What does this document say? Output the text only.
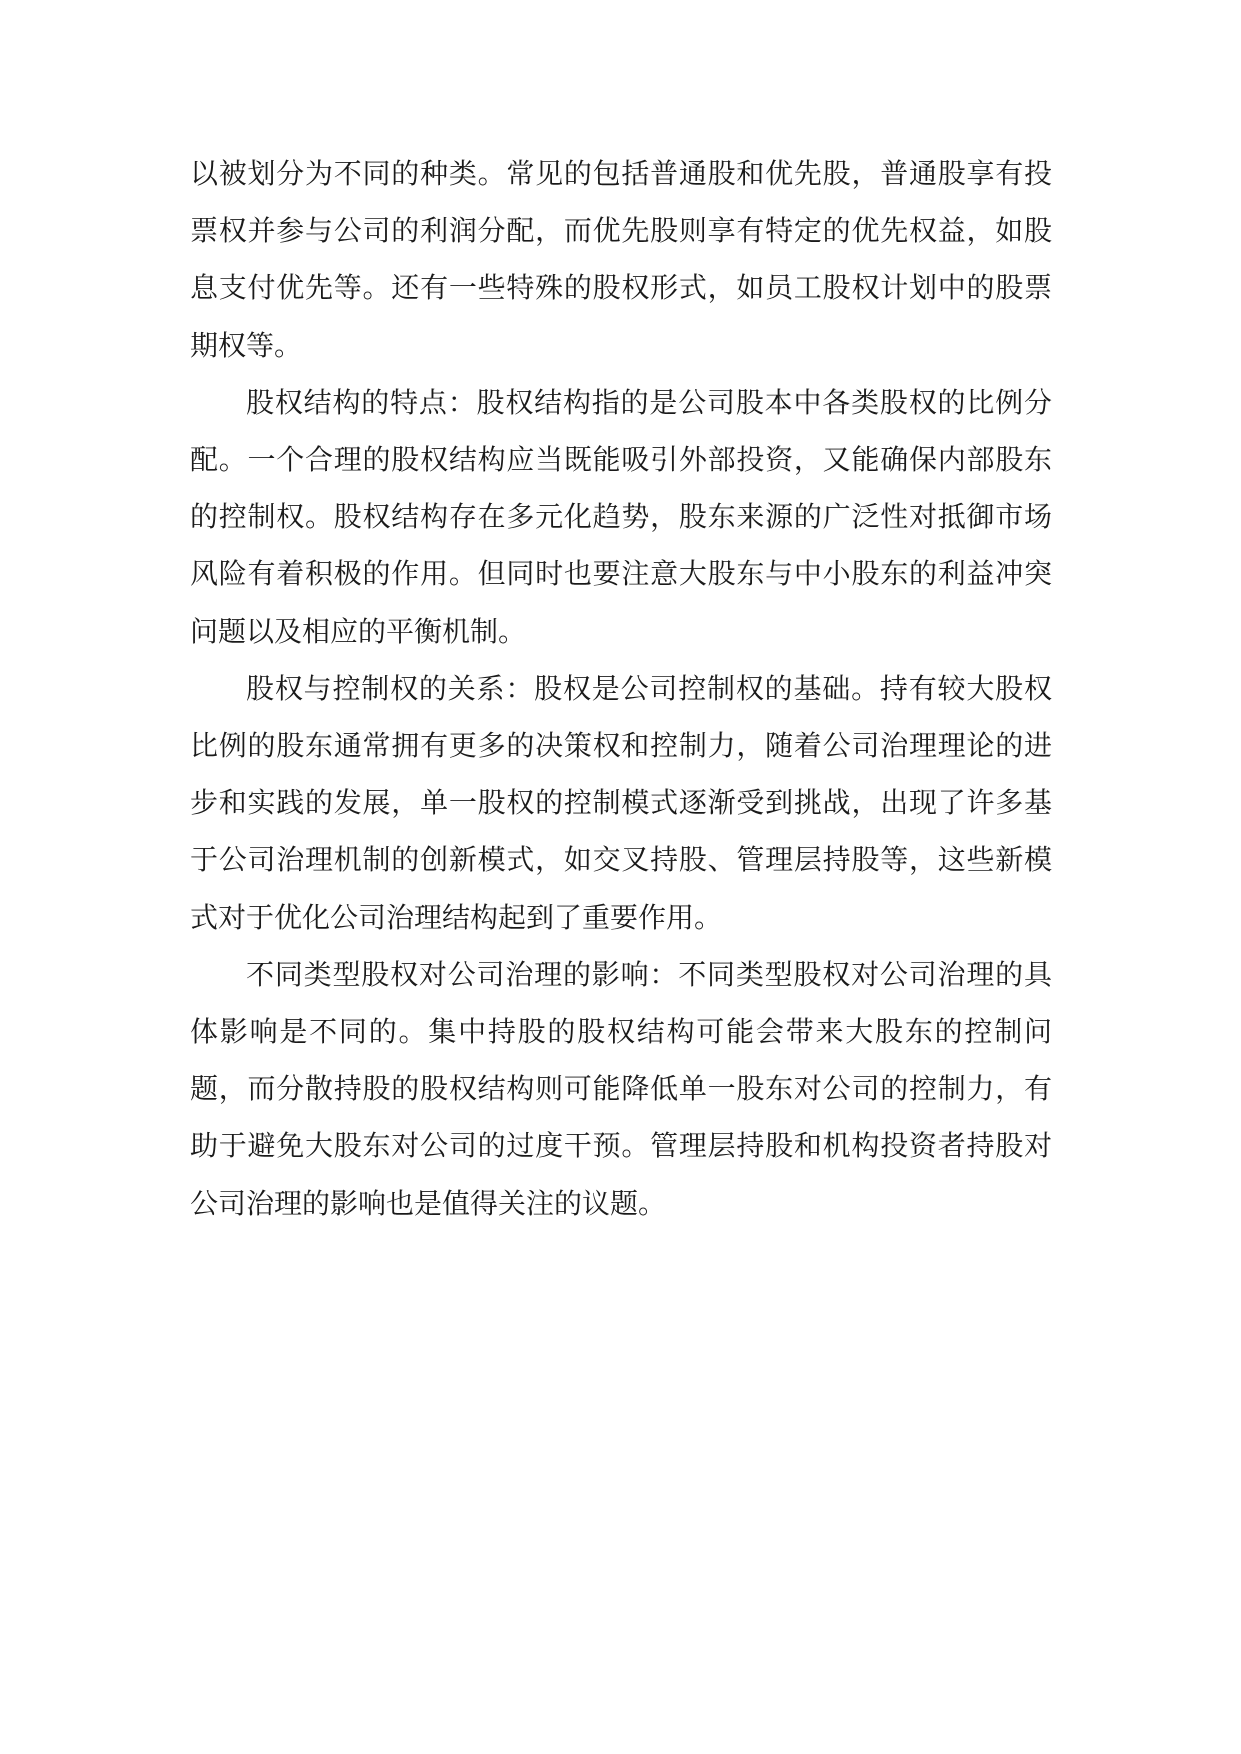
以被划分为不同的种类。常见的包括普通股和优先股，普通股享有投票权并参与公司的利润分配，而优先股则享有特定的优先权益，如股息支付优先等。还有一些特殊的股权形式，如员工股权计划中的股票期权等。

股权结构的特点：股权结构指的是公司股本中各类股权的比例分配。一个合理的股权结构应当既能吸引外部投资，又能确保内部股东的控制权。股权结构存在多元化趋势，股东来源的广泛性对抵御市场风险有着积极的作用。但同时也要注意大股东与中小股东的利益冲突问题以及相应的平衡机制。

股权与控制权的关系：股权是公司控制权的基础。持有较大股权比例的股东通常拥有更多的决策权和控制力，随着公司治理理论的进步和实践的发展，单一股权的控制模式逐渐受到挑战，出现了许多基于公司治理机制的创新模式，如交叉持股、管理层持股等，这些新模式对于优化公司治理结构起到了重要作用。

不同类型股权对公司治理的影响：不同类型股权对公司治理的具体影响是不同的。集中持股的股权结构可能会带来大股东的控制问题，而分散持股的股权结构则可能降低单一股东对公司的控制力，有助于避免大股东对公司的过度干预。管理层持股和机构投资者持股对公司治理的影响也是值得关注的议题。
